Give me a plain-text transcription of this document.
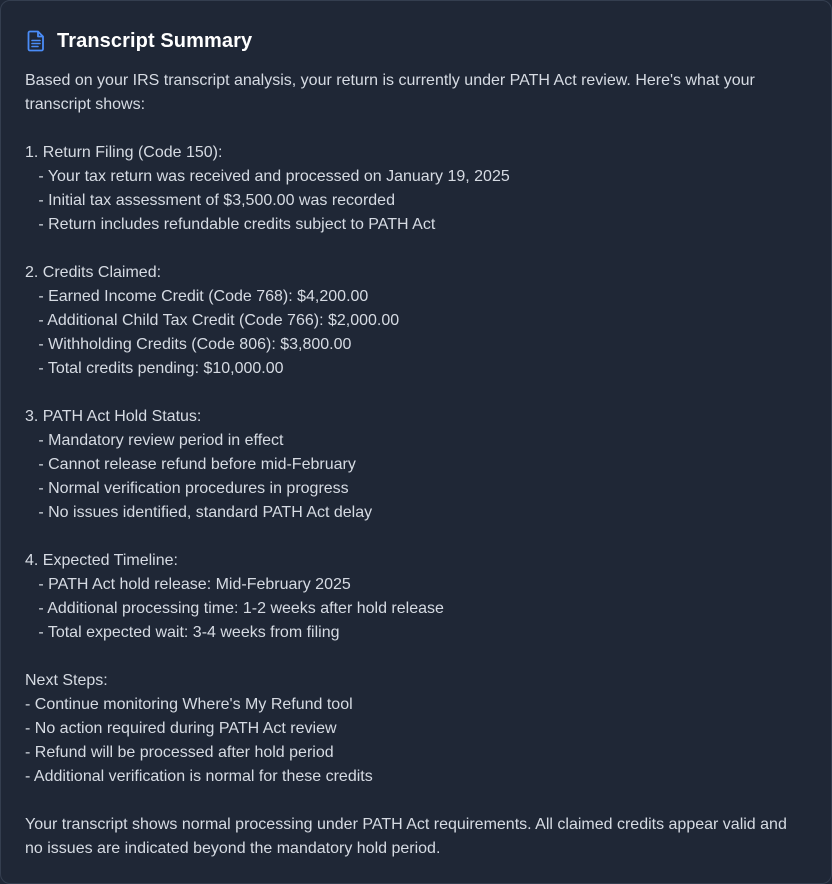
Transcript Summary
Based on your IRS transcript analysis, your return is currently under PATH Act review. Here's what your
transcript shows:
1. Return Filing (Code 150):
- Your tax return was received and processed on January 19, 2025
- Initial tax assessment of $3,500.00 was recorded
- Return includes refundable credits subject to PATH Act
2. Credits Claimed:
- Earned Income Credit (Code 768): $4,200.00
- Additional Child Tax Credit (Code 766): $2,000.00
- Withholding Credits (Code 806): $3,800.00
- Total credits pending: $10,000.00
3. PATH Act Hold Status:
- Mandatory review period in effect
- Cannot release refund before mid-February
- Normal verification procedures in progress
- No issues identified, standard PATH Act delay
4. Expected Timeline:
- PATH Act hold release: Mid-February 2025
- Additional processing time: 1-2 weeks after hold release
- Total expected wait: 3-4 weeks from filing
Next Steps:
- Continue monitoring Where's My Refund tool
- No action required during PATH Act review
- Refund will be processed after hold period
- Additional verification is normal for these credits
Your transcript shows normal processing under PATH Act requirements. All claimed credits appear valid and
no issues are indicated beyond the mandatory hold period.
